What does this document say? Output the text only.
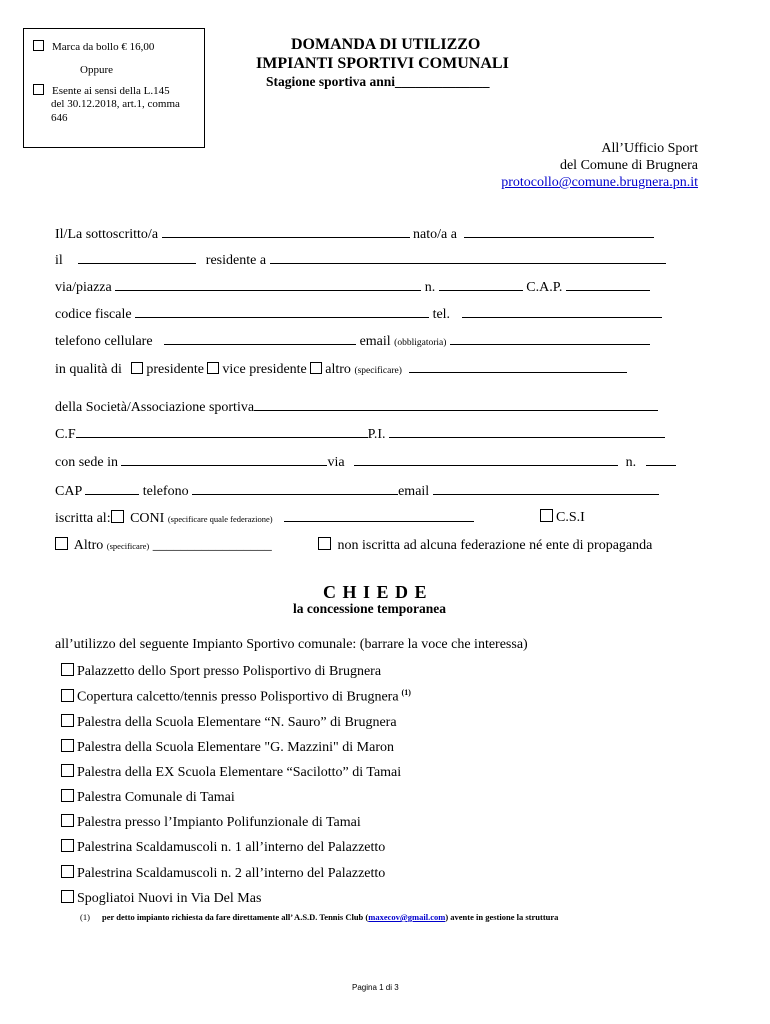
Marca da bollo € 16,00
Oppure
Esente ai sensi della L.145
del 30.12.2018, art.1, comma
646
DOMANDA DI UTILIZZO
IMPIANTI SPORTIVI COMUNALI
Stagione sportiva anni______________
All’Ufficio Sport
del Comune di Brugnera
protocollo@comune.brugnera.pn.it
Il/La sottoscritto/a	nato/a a
il	residente a
via/piazza	n.	C.A.P.
codice fiscale	tel.
telefono cellulare	email (obbligatoria)
in qualità di presidente vice presidente altro (specificare)
della Società/Associazione sportiva
C.F	P.I.
con sede in	via	n.
CAP	telefono	email
iscritta al: CONI (specificare quale federazione)	C.S.I
Altro (specificare) _________________	non iscritta ad alcuna federazione né ente di propaganda
C H I E D E
la concessione temporanea
all’utilizzo del seguente Impianto Sportivo comunale: (barrare la voce che interessa)
Palazzetto dello Sport presso Polisportivo di Brugnera
Copertura calcetto/tennis presso Polisportivo di Brugnera $^{(1)}$
Palestra della Scuola Elementare “N. Sauro” di Brugnera
Palestra della Scuola Elementare "G. Mazzini" di Maron
Palestra della EX Scuola Elementare “Sacilotto” di Tamai
Palestra Comunale di Tamai
Palestra presso l’Impianto Polifunzionale di Tamai
Palestrina Scaldamuscoli n. 1 all’interno del Palazzetto
Palestrina Scaldamuscoli n. 2 all’interno del Palazzetto
Spogliatoi Nuovi in Via Del Mas
(1) per detto impianto richiesta da fare direttamente all’ A.S.D. Tennis Club (maxecov@gmail.com) avente in gestione la struttura
Pagina 1 di 3
